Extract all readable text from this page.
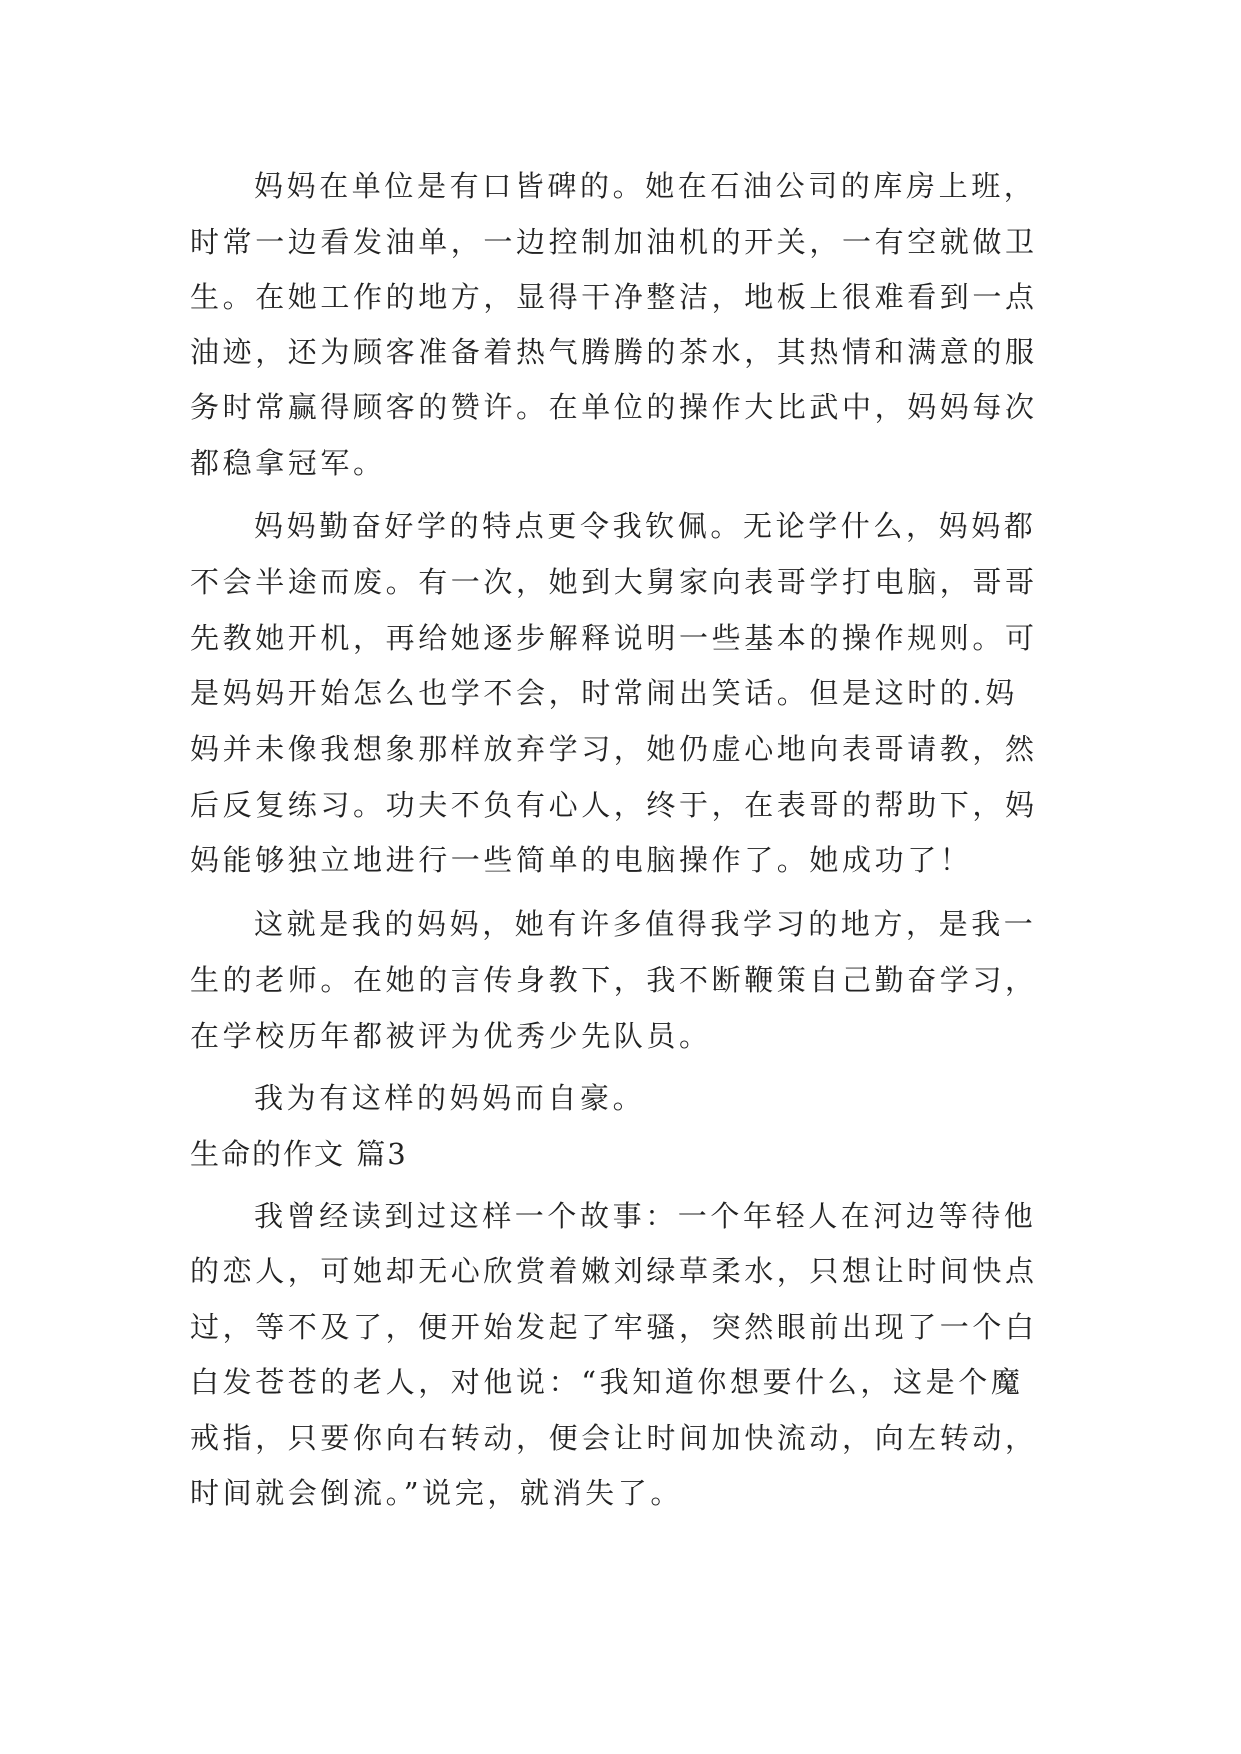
妈妈在单位是有口皆碑的。她在石油公司的库房上班，
时常一边看发油单，一边控制加油机的开关，一有空就做卫
生。在她工作的地方，显得干净整洁，地板上很难看到一点
油迹，还为顾客准备着热气腾腾的茶水，其热情和满意的服
务时常赢得顾客的赞许。在单位的操作大比武中，妈妈每次
都稳拿冠军。
妈妈勤奋好学的特点更令我钦佩。无论学什么，妈妈都
不会半途而废。有一次，她到大舅家向表哥学打电脑，哥哥
先教她开机，再给她逐步解释说明一些基本的操作规则。可
是妈妈开始怎么也学不会，时常闹出笑话。但是这时的.妈
妈并未像我想象那样放弃学习，她仍虚心地向表哥请教，然
后反复练习。功夫不负有心人，终于，在表哥的帮助下，妈
妈能够独立地进行一些简单的电脑操作了。她成功了！
这就是我的妈妈，她有许多值得我学习的地方，是我一
生的老师。在她的言传身教下，我不断鞭策自己勤奋学习，
在学校历年都被评为优秀少先队员。
我为有这样的妈妈而自豪。
生命的作文 篇3
我曾经读到过这样一个故事：一个年轻人在河边等待他
的恋人，可她却无心欣赏着嫩刘绿草柔水，只想让时间快点
过，等不及了，便开始发起了牢骚，突然眼前出现了一个白
白发苍苍的老人，对他说：“我知道你想要什么，这是个魔
戒指，只要你向右转动，便会让时间加快流动，向左转动，
时间就会倒流。”说完，就消失了。
